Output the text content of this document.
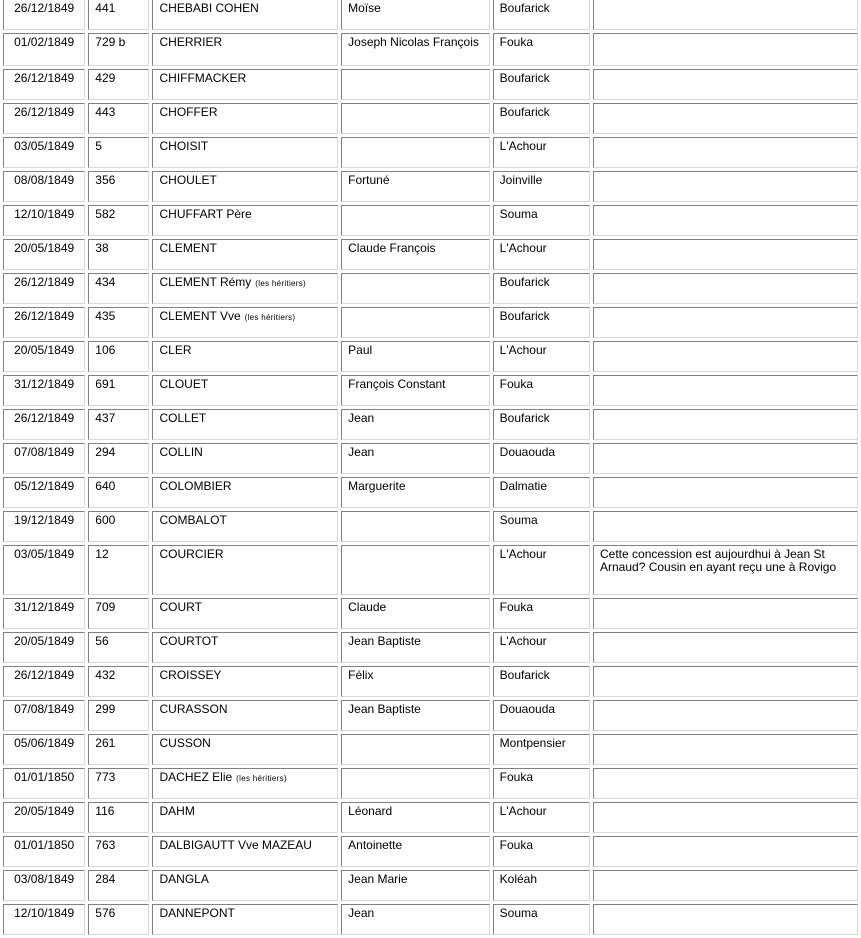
26/12/1849	441	CHEBABI COHEN	Moïse	Boufarick	
01/02/1849	729 b	CHERRIER	Joseph Nicolas François	Fouka	
26/12/1849	429	CHIFFMACKER		Boufarick	
26/12/1849	443	CHOFFER		Boufarick	
03/05/1849	5	CHOISIT		L'Achour	
08/08/1849	356	CHOULET	Fortuné	Joinville	
12/10/1849	582	CHUFFART Père		Souma	
20/05/1849	38	CLEMENT	Claude François	L'Achour	
26/12/1849	434	CLEMENT Rémy (les héritiers)		Boufarick	
26/12/1849	435	CLEMENT Vve (les héritiers)		Boufarick	
20/05/1849	106	CLER	Paul	L'Achour	
31/12/1849	691	CLOUET	François Constant	Fouka	
26/12/1849	437	COLLET	Jean	Boufarick	
07/08/1849	294	COLLIN	Jean	Douaouda	
05/12/1849	640	COLOMBIER	Marguerite	Dalmatie	
19/12/1849	600	COMBALOT		Souma	
03/05/1849	12	COURCIER		L'Achour	Cette concession est aujourdhui à Jean St Arnaud? Cousin en ayant reçu une à Rovigo
31/12/1849	709	COURT	Claude	Fouka	
20/05/1849	56	COURTOT	Jean Baptiste	L'Achour	
26/12/1849	432	CROISSEY	Félix	Boufarick	
07/08/1849	299	CURASSON	Jean Baptiste	Douaouda	
05/06/1849	261	CUSSON		Montpensier	
01/01/1850	773	DACHEZ Elie (les héritiers)		Fouka	
20/05/1849	116	DAHM	Léonard	L'Achour	
01/01/1850	763	DALBIGAUTT Vve MAZEAU	Antoinette	Fouka	
03/08/1849	284	DANGLA	Jean Marie	Koléah	
12/10/1849	576	DANNEPONT	Jean	Souma	
